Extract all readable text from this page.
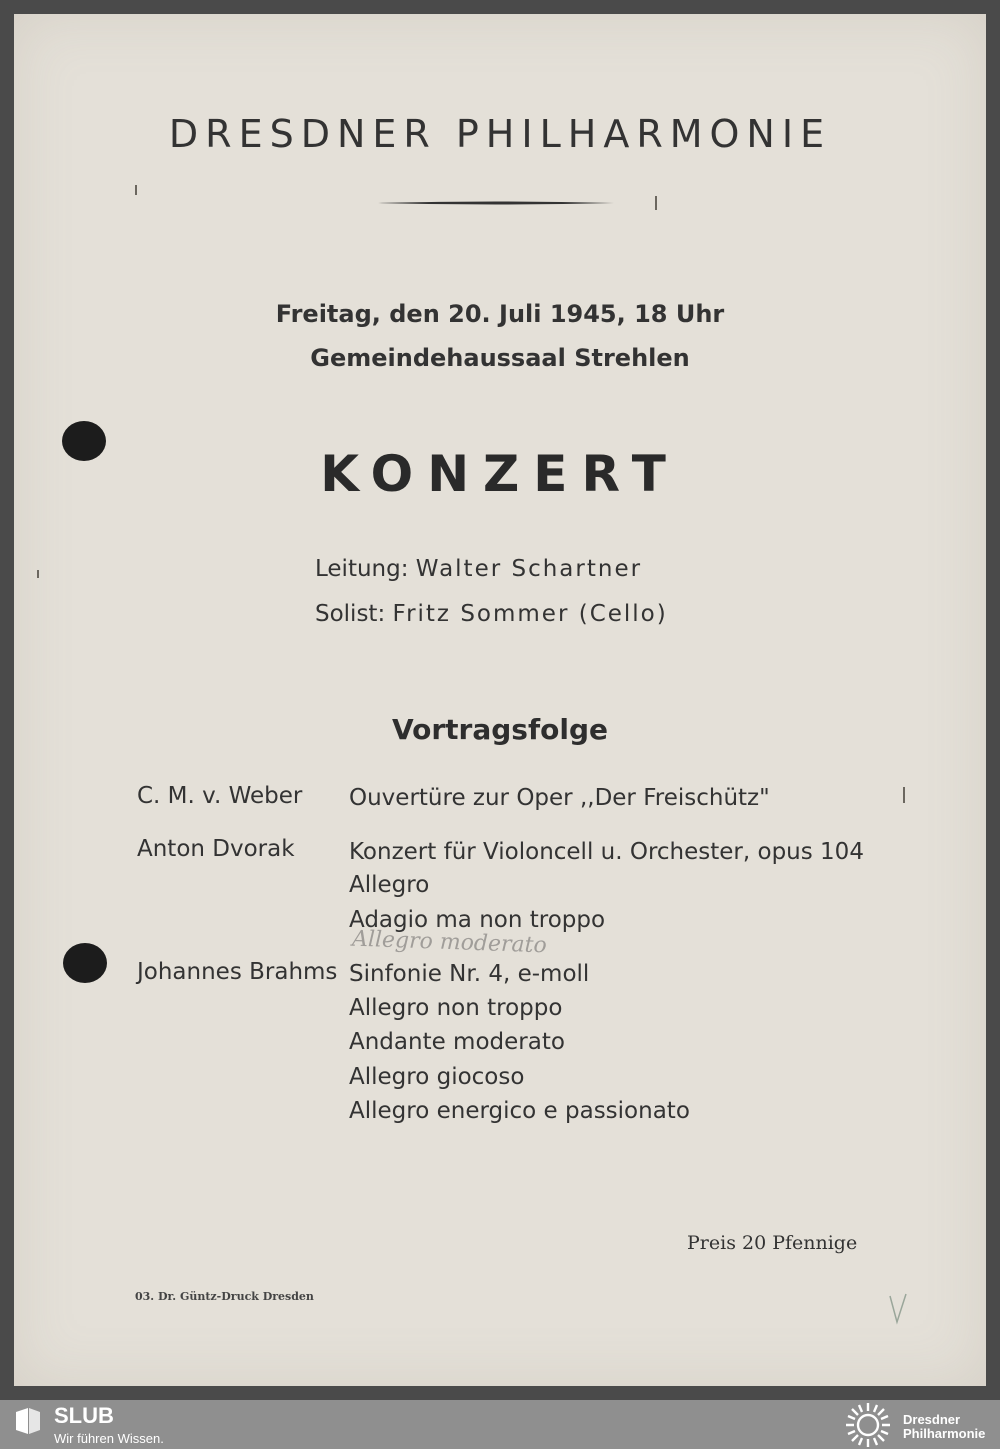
DRESDNER PHILHARMONIE
Freitag, den 20. Juli 1945, 18 Uhr
Gemeindehaussaal Strehlen
KONZERT
Leitung: Walter Schartner
Solist: Fritz Sommer (Cello)
Vortragsfolge
C. M. v. Weber Ouvertüre zur Oper ,,Der Freischütz"
Anton Dvorak Konzert für Violoncell u. Orchester, opus 104
Allegro
Adagio ma non troppo
Allegro moderato
Johannes Brahms Sinfonie Nr. 4, e-moll
Allegro non troppo
Andante moderato
Allegro giocoso
Allegro energico e passionato
Preis 20 Pfennige
03. Dr. Güntz-Druck Dresden
SLUB
Wir führen Wissen.
Dresdner
Philharmonie
